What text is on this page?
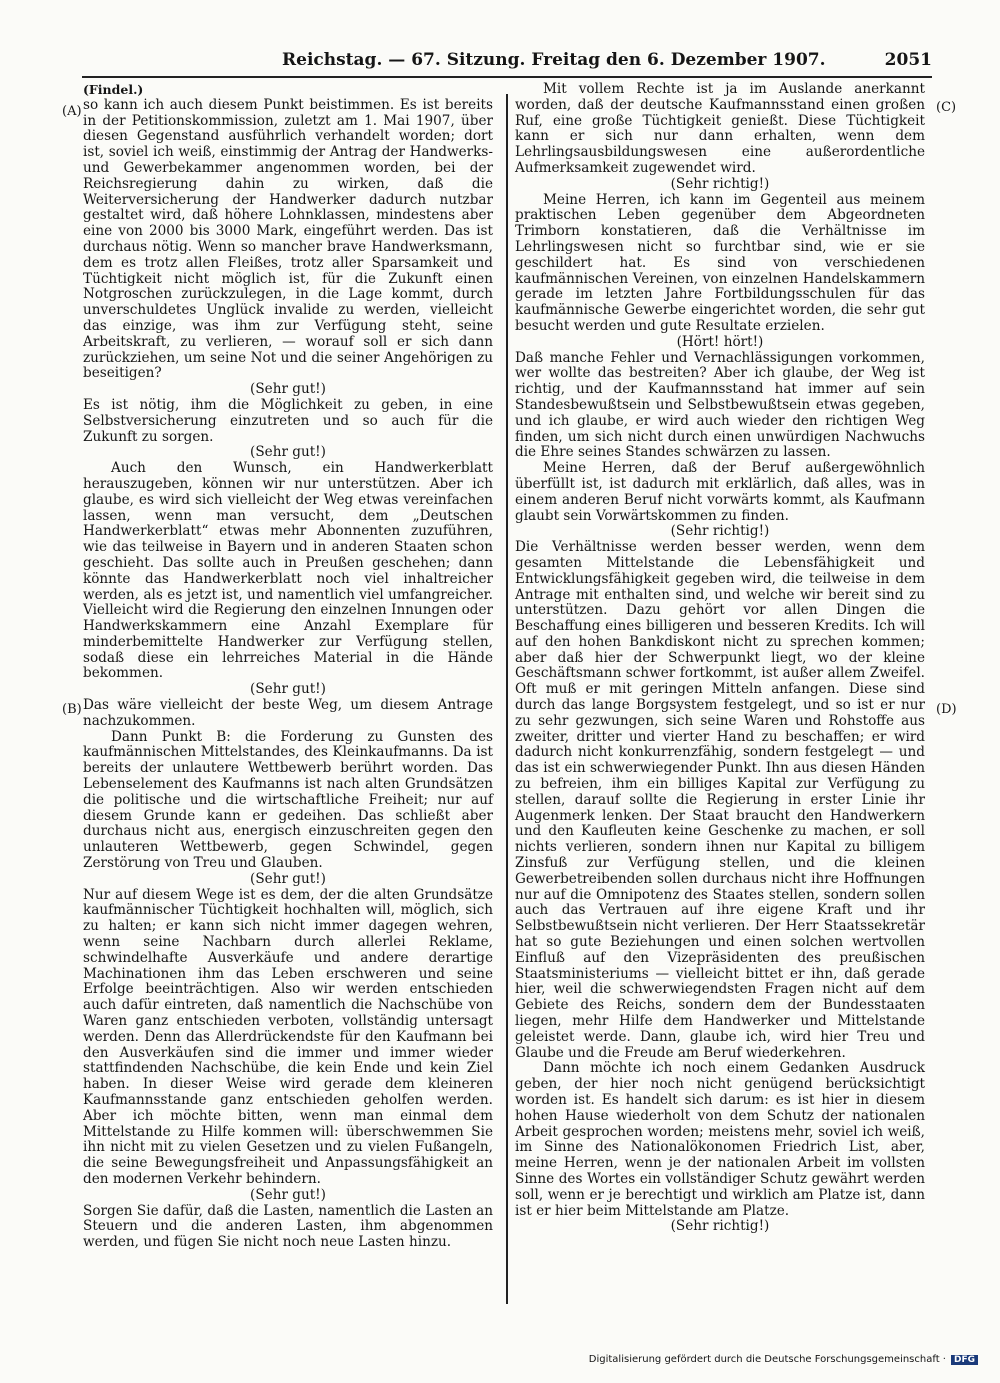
Reichstag. — 67. Sitzung. Freitag den 6. Dezember 1907.	2051
(A)
(B)
(C)
(D)

(Findel.)

so kann ich auch diesem Punkt beistimmen. Es ist bereits in der Petitionskommission, zuletzt am 1. Mai 1907, über diesen Gegenstand ausführlich verhandelt worden; dort ist, soviel ich weiß, einstimmig der Antrag der Handwerks- und Gewerbekammer angenommen worden, bei der Reichsregierung dahin zu wirken, daß die Weiterversicherung der Handwerker dadurch nutzbar gestaltet wird, daß höhere Lohnklassen, mindestens aber eine von 2000 bis 3000 Mark, eingeführt werden. Das ist durchaus nötig. Wenn so mancher brave Handwerksmann, dem es trotz allen Fleißes, trotz aller Sparsamkeit und Tüchtigkeit nicht möglich ist, für die Zukunft einen Notgroschen zurückzulegen, in die Lage kommt, durch unverschuldetes Unglück invalide zu werden, vielleicht das einzige, was ihm zur Verfügung steht, seine Arbeitskraft, zu verlieren, — worauf soll er sich dann zurückziehen, um seine Not und die seiner Angehörigen zu beseitigen?

(Sehr gut!)

Es ist nötig, ihm die Möglichkeit zu geben, in eine Selbstversicherung einzutreten und so auch für die Zukunft zu sorgen.

(Sehr gut!)

Auch den Wunsch, ein Handwerkerblatt herauszugeben, können wir nur unterstützen. Aber ich glaube, es wird sich vielleicht der Weg etwas vereinfachen lassen, wenn man versucht, dem „Deutschen Handwerkerblatt“ etwas mehr Abonnenten zuzuführen, wie das teilweise in Bayern und in anderen Staaten schon geschieht. Das sollte auch in Preußen geschehen; dann könnte das Handwerkerblatt noch viel inhaltreicher werden, als es jetzt ist, und namentlich viel umfangreicher. Vielleicht wird die Regierung den einzelnen Innungen oder Handwerkskammern eine Anzahl Exemplare für minderbemittelte Handwerker zur Verfügung stellen, sodaß diese ein lehrreiches Material in die Hände bekommen.

(Sehr gut!)

Das wäre vielleicht der beste Weg, um diesem Antrage nachzukommen.

Dann Punkt B: die Forderung zu Gunsten des kaufmännischen Mittelstandes, des Kleinkaufmanns. Da ist bereits der unlautere Wettbewerb berührt worden. Das Lebenselement des Kaufmanns ist nach alten Grundsätzen die politische und die wirtschaftliche Freiheit; nur auf diesem Grunde kann er gedeihen. Das schließt aber durchaus nicht aus, energisch einzuschreiten gegen den unlauteren Wettbewerb, gegen Schwindel, gegen Zerstörung von Treu und Glauben.

(Sehr gut!)

Nur auf diesem Wege ist es dem, der die alten Grundsätze kaufmännischer Tüchtigkeit hochhalten will, möglich, sich zu halten; er kann sich nicht immer dagegen wehren, wenn seine Nachbarn durch allerlei Reklame, schwindelhafte Ausverkäufe und andere derartige Machinationen ihm das Leben erschweren und seine Erfolge beeinträchtigen. Also wir werden entschieden auch dafür eintreten, daß namentlich die Nachschübe von Waren ganz entschieden verboten, vollständig untersagt werden. Denn das Allerdrückendste für den Kaufmann bei den Ausverkäufen sind die immer und immer wieder stattfindenden Nachschübe, die kein Ende und kein Ziel haben. In dieser Weise wird gerade dem kleineren Kaufmannsstande ganz entschieden geholfen werden. Aber ich möchte bitten, wenn man einmal dem Mittelstande zu Hilfe kommen will: überschwemmen Sie ihn nicht mit zu vielen Gesetzen und zu vielen Fußangeln, die seine Bewegungsfreiheit und Anpassungsfähigkeit an den modernen Verkehr behindern.

(Sehr gut!)

Sorgen Sie dafür, daß die Lasten, namentlich die Lasten an Steuern und die anderen Lasten, ihm abgenommen werden, und fügen Sie nicht noch neue Lasten hinzu.

Mit vollem Rechte ist ja im Auslande anerkannt worden, daß der deutsche Kaufmannsstand einen großen Ruf, eine große Tüchtigkeit genießt. Diese Tüchtigkeit kann er sich nur dann erhalten, wenn dem Lehrlingsausbildungswesen eine außerordentliche Aufmerksamkeit zugewendet wird.

(Sehr richtig!)

Meine Herren, ich kann im Gegenteil aus meinem praktischen Leben gegenüber dem Abgeordneten Trimborn konstatieren, daß die Verhältnisse im Lehrlingswesen nicht so furchtbar sind, wie er sie geschildert hat. Es sind von verschiedenen kaufmännischen Vereinen, von einzelnen Handelskammern gerade im letzten Jahre Fortbildungsschulen für das kaufmännische Gewerbe eingerichtet worden, die sehr gut besucht werden und gute Resultate erzielen.

(Hört! hört!)

Daß manche Fehler und Vernachlässigungen vorkommen, wer wollte das bestreiten? Aber ich glaube, der Weg ist richtig, und der Kaufmannsstand hat immer auf sein Standesbewußtsein und Selbstbewußtsein etwas gegeben, und ich glaube, er wird auch wieder den richtigen Weg finden, um sich nicht durch einen unwürdigen Nachwuchs die Ehre seines Standes schwärzen zu lassen.

Meine Herren, daß der Beruf außergewöhnlich überfüllt ist, ist dadurch mit erklärlich, daß alles, was in einem anderen Beruf nicht vorwärts kommt, als Kaufmann glaubt sein Vorwärtskommen zu finden.

(Sehr richtig!)

Die Verhältnisse werden besser werden, wenn dem gesamten Mittelstande die Lebensfähigkeit und Entwicklungsfähigkeit gegeben wird, die teilweise in dem Antrage mit enthalten sind, und welche wir bereit sind zu unterstützen. Dazu gehört vor allen Dingen die Beschaffung eines billigeren und besseren Kredits. Ich will auf den hohen Bankdiskont nicht zu sprechen kommen; aber daß hier der Schwerpunkt liegt, wo der kleine Geschäftsmann schwer fortkommt, ist außer allem Zweifel. Oft muß er mit geringen Mitteln anfangen. Diese sind durch das lange Borgsystem festgelegt, und so ist er nur zu sehr gezwungen, sich seine Waren und Rohstoffe aus zweiter, dritter und vierter Hand zu beschaffen; er wird dadurch nicht konkurrenzfähig, sondern festgelegt — und das ist ein schwerwiegender Punkt. Ihn aus diesen Händen zu befreien, ihm ein billiges Kapital zur Verfügung zu stellen, darauf sollte die Regierung in erster Linie ihr Augenmerk lenken. Der Staat braucht den Handwerkern und den Kaufleuten keine Geschenke zu machen, er soll nichts verlieren, sondern ihnen nur Kapital zu billigem Zinsfuß zur Verfügung stellen, und die kleinen Gewerbetreibenden sollen durchaus nicht ihre Hoffnungen nur auf die Omnipotenz des Staates stellen, sondern sollen auch das Vertrauen auf ihre eigene Kraft und ihr Selbstbewußtsein nicht verlieren. Der Herr Staatssekretär hat so gute Beziehungen und einen solchen wertvollen Einfluß auf den Vizepräsidenten des preußischen Staatsministeriums — vielleicht bittet er ihn, daß gerade hier, weil die schwerwiegendsten Fragen nicht auf dem Gebiete des Reichs, sondern dem der Bundesstaaten liegen, mehr Hilfe dem Handwerker und Mittelstande geleistet werde. Dann, glaube ich, wird hier Treu und Glaube und die Freude am Beruf wiederkehren.

Dann möchte ich noch einem Gedanken Ausdruck geben, der hier noch nicht genügend berücksichtigt worden ist. Es handelt sich darum: es ist hier in diesem hohen Hause wiederholt von dem Schutz der nationalen Arbeit gesprochen worden; meistens mehr, soviel ich weiß, im Sinne des Nationalökonomen Friedrich List, aber, meine Herren, wenn je der nationalen Arbeit im vollsten Sinne des Wortes ein vollständiger Schutz gewährt werden soll, wenn er je berechtigt und wirklich am Platze ist, dann ist er hier beim Mittelstande am Platze.

(Sehr richtig!)

Digitalisierung gefördert durch die Deutsche Forschungsgemeinschaft · DFG
